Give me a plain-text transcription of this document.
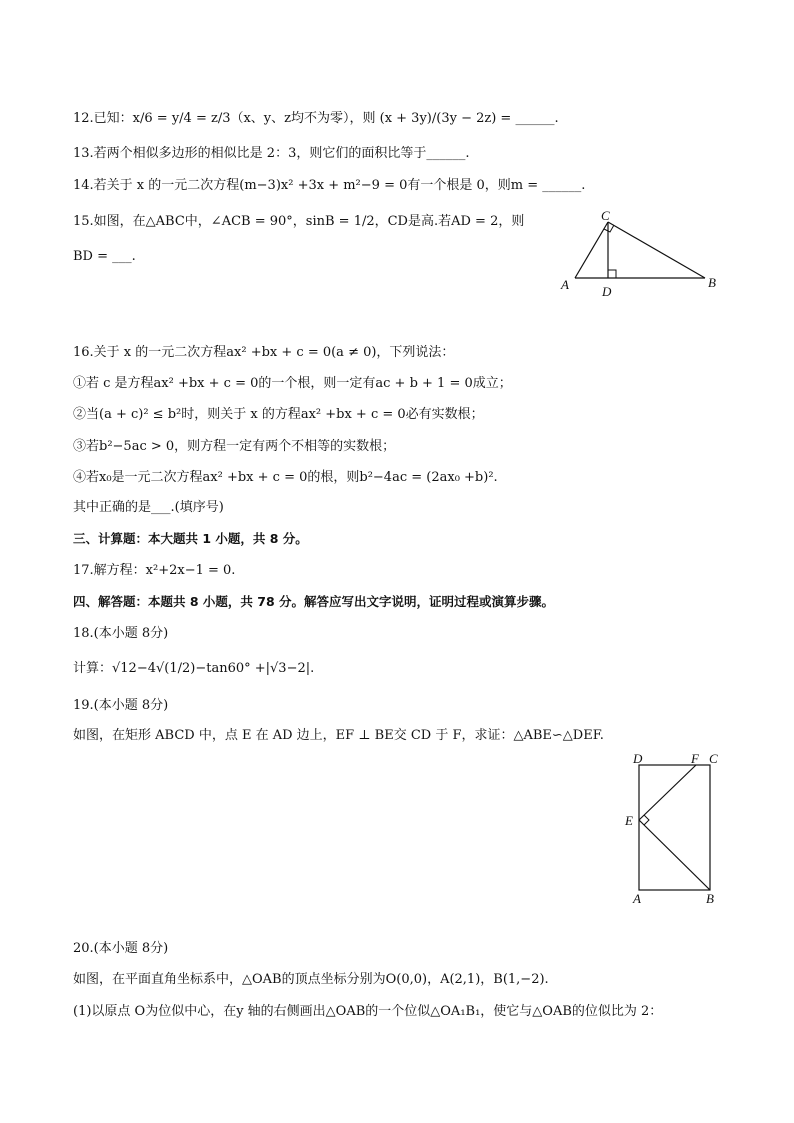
12.已知：x/6 = y/4 = z/3（x、y、z均不为零），则 (x + 3y)/(3y − 2z) = ______.
13.若两个相似多边形的相似比是 2：3，则它们的面积比等于______.
14.若关于 x 的一元二次方程(m−3)x² +3x + m²−9 = 0有一个根是 0，则m = ______.
15.如图，在△ABC中，∠ACB = 90°，sinB = 1/2，CD是高.若AD = 2，则
BD = ___.
C
A	D
B
16.关于 x 的一元二次方程ax² +bx + c = 0(a ≠ 0)，下列说法：
①若 c 是方程ax² +bx + c = 0的一个根，则一定有ac + b + 1 = 0成立；
②当(a + c)² ≤ b²时，则关于 x 的方程ax² +bx + c = 0必有实数根；
③若b²−5ac > 0，则方程一定有两个不相等的实数根；
④若x₀是一元二次方程ax² +bx + c = 0的根，则b²−4ac = (2ax₀ +b)².
其中正确的是___.(填序号)
三、计算题：本大题共 1 小题，共 8 分。
17.解方程：x²+2x−1 = 0.
四、解答题：本题共 8 小题，共 78 分。解答应写出文字说明，证明过程或演算步骤。
18.(本小题 8分)
计算：√12−4√(1/2)−tan60° +|√3−2|.
19.(本小题 8分)
如图，在矩形 ABCD 中，点 E 在 AD 边上，EF ⊥ BE交 CD 于 F，求证：△ABE∽△DEF.
D	F C
E
A	B
20.(本小题 8分)
如图，在平面直角坐标系中，△OAB的顶点坐标分别为O(0,0)，A(2,1)，B(1,−2).
(1)以原点 O为位似中心，在y 轴的右侧画出△OAB的一个位似△OA₁B₁，使它与△OAB的位似比为 2：
